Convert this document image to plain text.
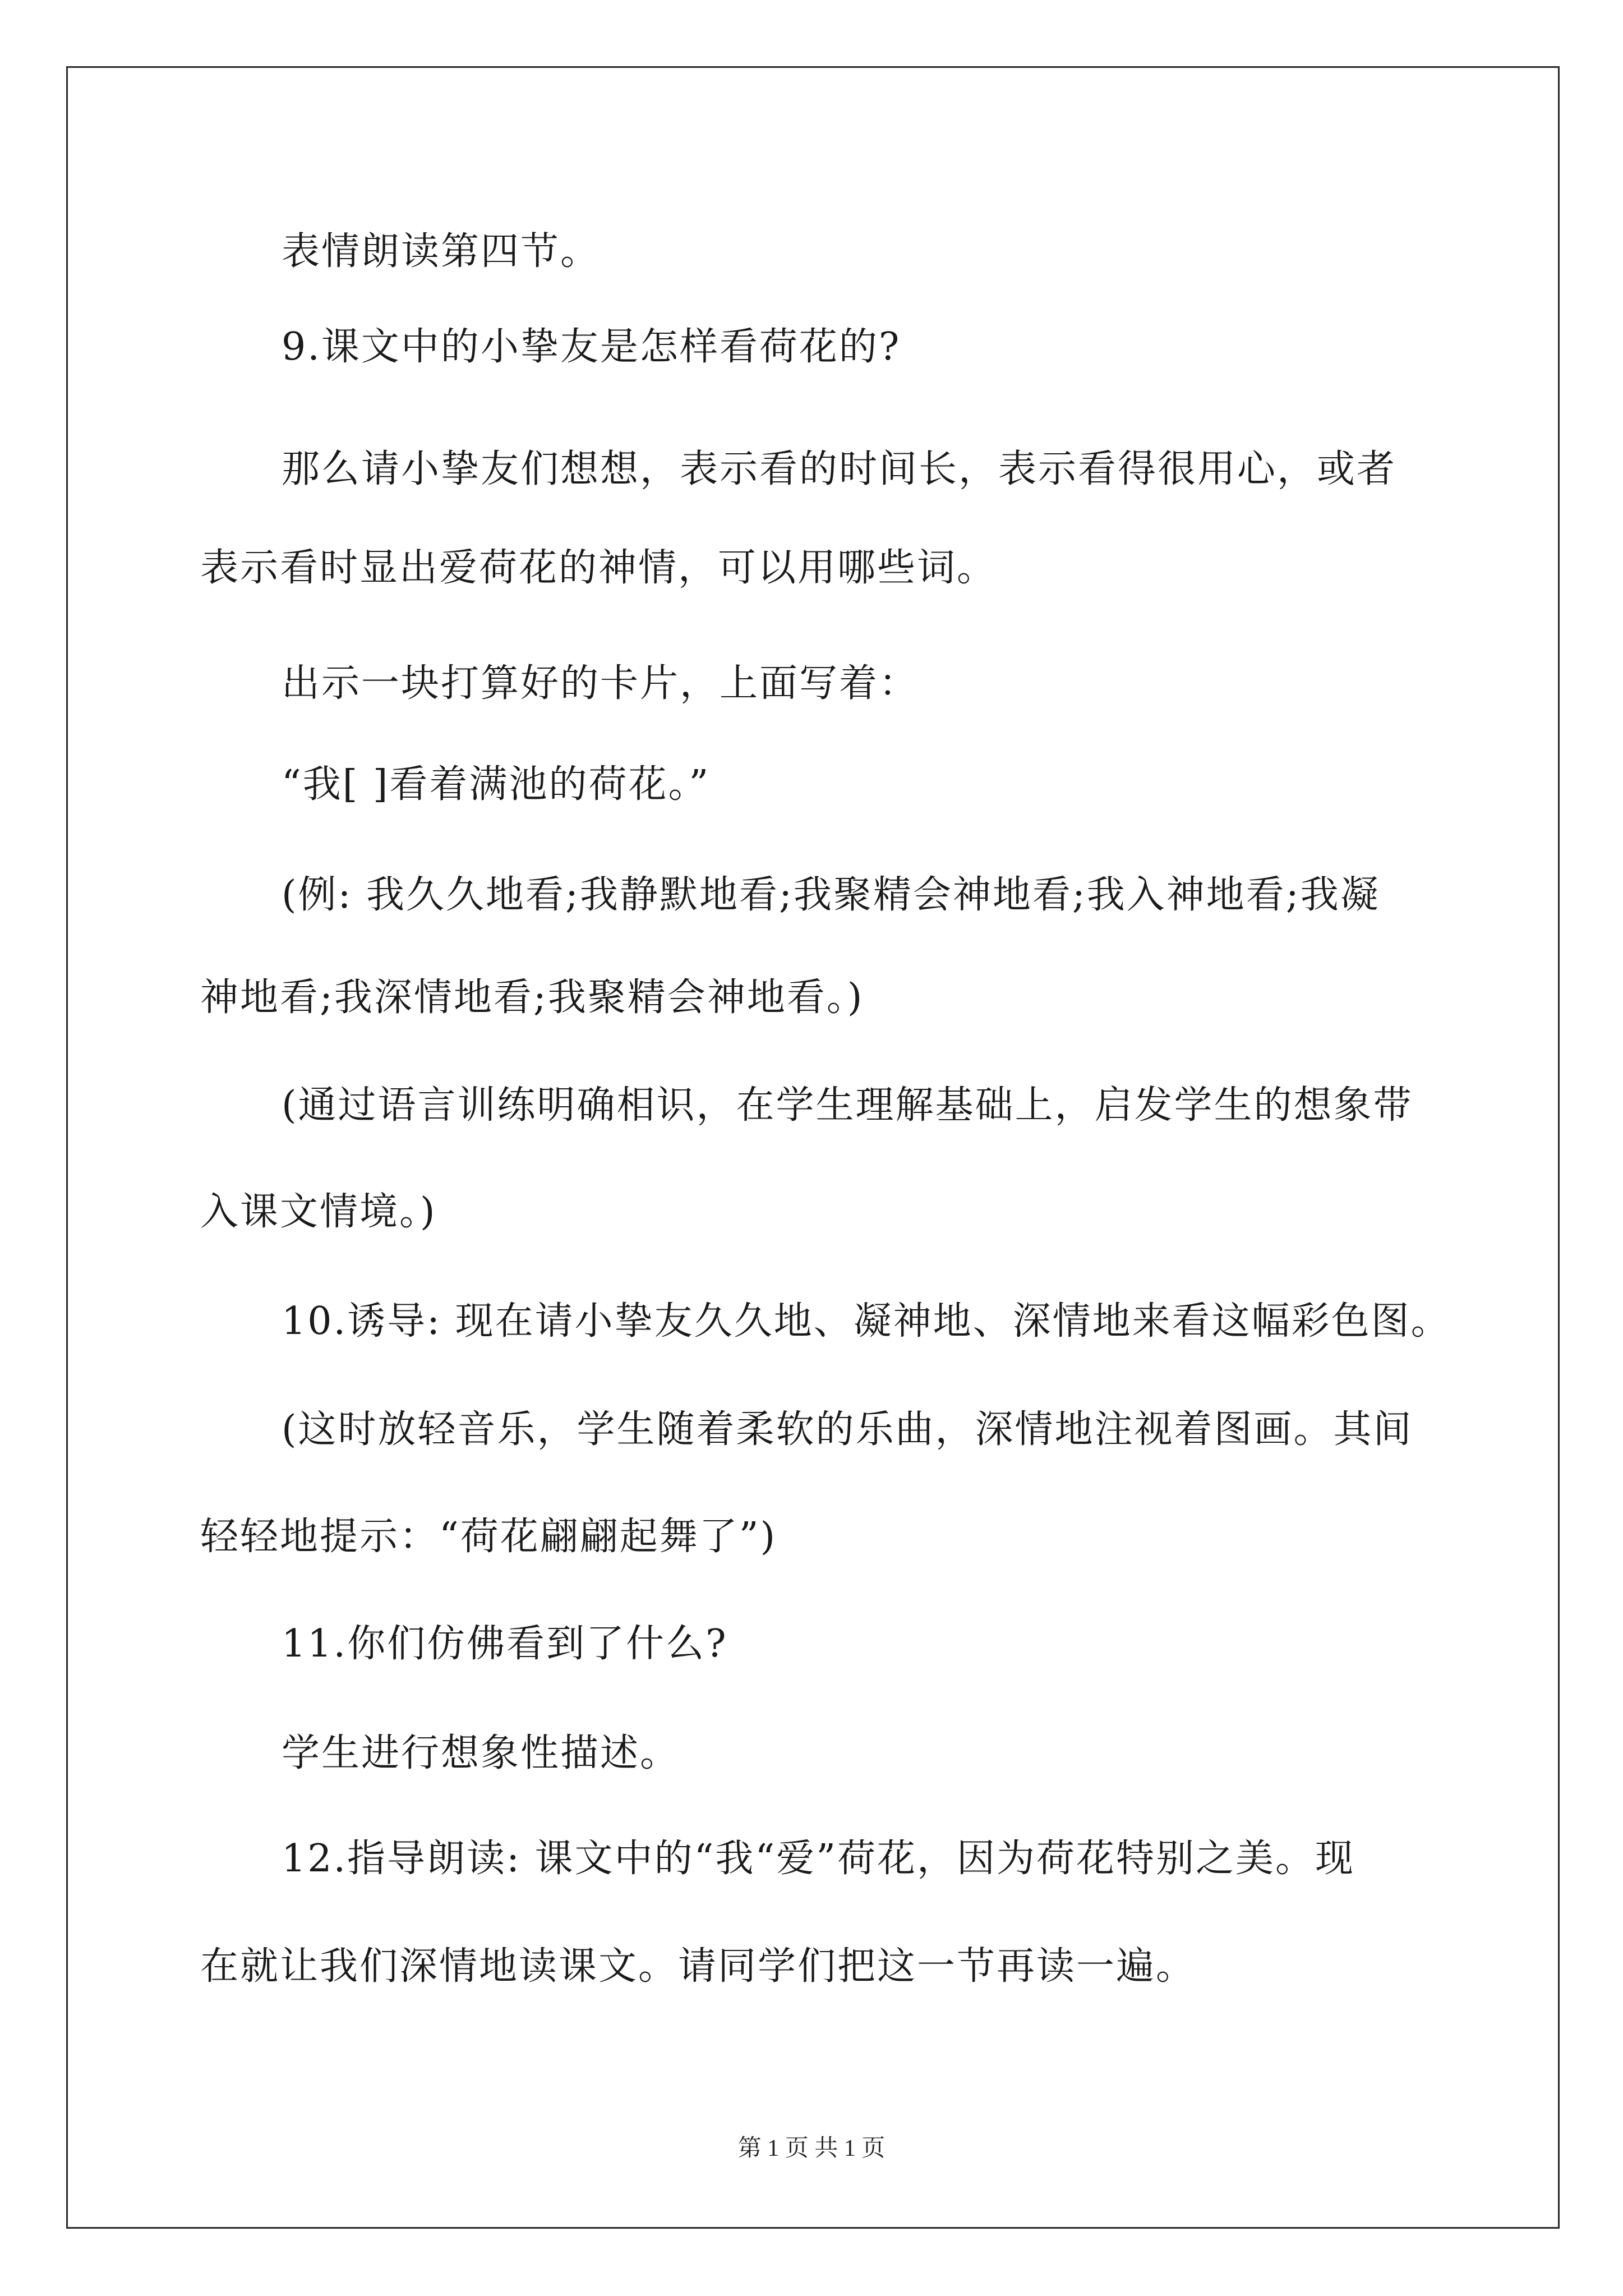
表情朗读第四节。
9.课文中的小挚友是怎样看荷花的?
那么请小挚友们想想，表示看的时间长，表示看得很用心，或者
表示看时显出爱荷花的神情，可以用哪些词。
出示一块打算好的卡片，上面写着：
“我[ ]看着满池的荷花。”
(例: 我久久地看;我静默地看;我聚精会神地看;我入神地看;我凝
神地看;我深情地看;我聚精会神地看。)
(通过语言训练明确相识，在学生理解基础上，启发学生的想象带
入课文情境。)
10.诱导: 现在请小挚友久久地、凝神地、深情地来看这幅彩色图。
(这时放轻音乐，学生随着柔软的乐曲，深情地注视着图画。其间
轻轻地提示：“荷花翩翩起舞了”)
11.你们仿佛看到了什么?
学生进行想象性描述。
12.指导朗读: 课文中的“我“爱”荷花，因为荷花特别之美。现
在就让我们深情地读课文。请同学们把这一节再读一遍。
第 1 页 共 1 页
